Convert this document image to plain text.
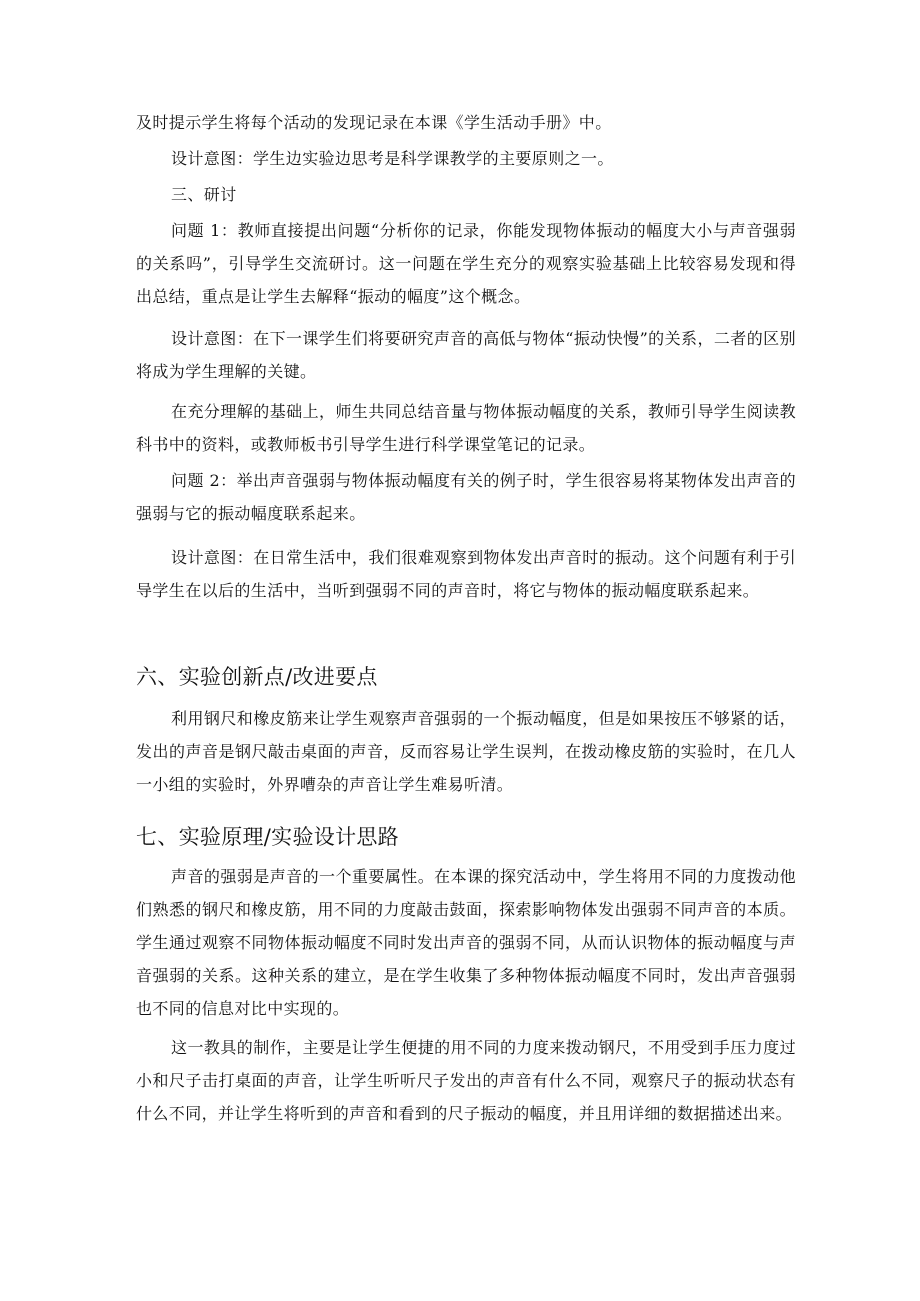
及时提示学生将每个活动的发现记录在本课《学生活动手册》中。

设计意图：学生边实验边思考是科学课教学的主要原则之一。

三、研讨

问题 1：教师直接提出问题“分析你的记录，你能发现物体振动的幅度大小与声音强弱的关系吗”，引导学生交流研讨。这一问题在学生充分的观察实验基础上比较容易发现和得出总结，重点是让学生去解释“振动的幅度”这个概念。

设计意图：在下一课学生们将要研究声音的高低与物体“振动快慢”的关系，二者的区别将成为学生理解的关键。

在充分理解的基础上，师生共同总结音量与物体振动幅度的关系，教师引导学生阅读教科书中的资料，或教师板书引导学生进行科学课堂笔记的记录。

问题 2：举出声音强弱与物体振动幅度有关的例子时，学生很容易将某物体发出声音的强弱与它的振动幅度联系起来。

设计意图：在日常生活中，我们很难观察到物体发出声音时的振动。这个问题有利于引导学生在以后的生活中，当听到强弱不同的声音时，将它与物体的振动幅度联系起来。

六、实验创新点/改进要点

利用钢尺和橡皮筋来让学生观察声音强弱的一个振动幅度，但是如果按压不够紧的话，发出的声音是钢尺敲击桌面的声音，反而容易让学生误判，在拨动橡皮筋的实验时，在几人一小组的实验时，外界嘈杂的声音让学生难易听清。

七、实验原理/实验设计思路

声音的强弱是声音的一个重要属性。在本课的探究活动中，学生将用不同的力度拨动他们熟悉的钢尺和橡皮筋，用不同的力度敲击鼓面，探索影响物体发出强弱不同声音的本质。学生通过观察不同物体振动幅度不同时发出声音的强弱不同，从而认识物体的振动幅度与声音强弱的关系。这种关系的建立，是在学生收集了多种物体振动幅度不同时，发出声音强弱也不同的信息对比中实现的。

这一教具的制作，主要是让学生便捷的用不同的力度来拨动钢尺，不用受到手压力度过小和尺子击打桌面的声音，让学生听听尺子发出的声音有什么不同，观察尺子的振动状态有什么不同，并让学生将听到的声音和看到的尺子振动的幅度，并且用详细的数据描述出来。
